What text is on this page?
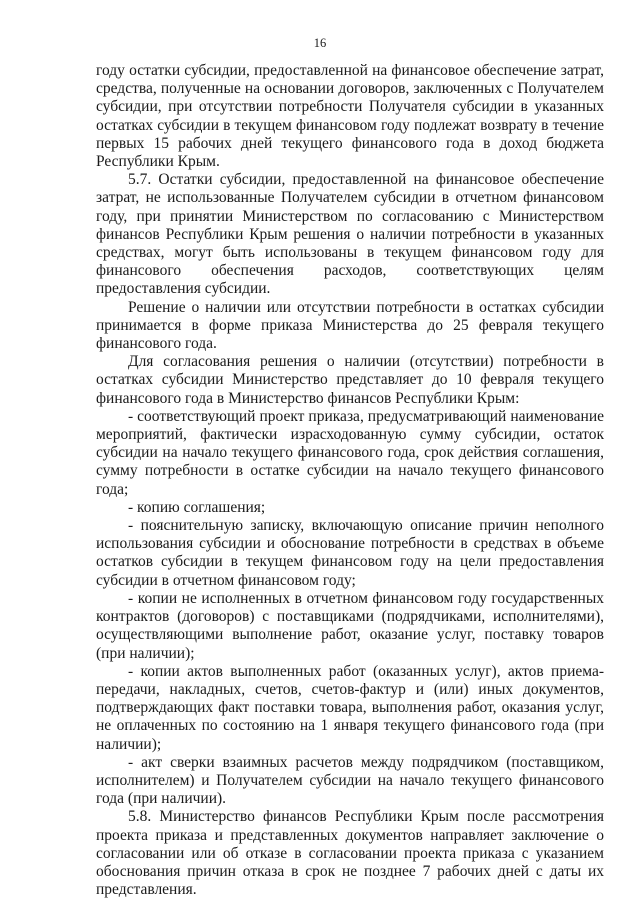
16

году остатки субсидии, предоставленной на финансовое обеспечение затрат, средства, полученные на основании договоров, заключенных с Получателем субсидии, при отсутствии потребности Получателя субсидии в указанных остатках субсидии в текущем финансовом году подлежат возврату в течение первых 15 рабочих дней текущего финансового года в доход бюджета Республики Крым.

5.7. Остатки субсидии, предоставленной на финансовое обеспечение затрат, не использованные Получателем субсидии в отчетном финансовом году, при принятии Министерством по согласованию с Министерством финансов Республики Крым решения о наличии потребности в указанных средствах, могут быть использованы в текущем финансовом году для финансового обеспечения расходов, соответствующих целям предоставления субсидии.

Решение о наличии или отсутствии потребности в остатках субсидии принимается в форме приказа Министерства до 25 февраля текущего финансового года.

Для согласования решения о наличии (отсутствии) потребности в остатках субсидии Министерство представляет до 10 февраля текущего финансового года в Министерство финансов Республики Крым:

- соответствующий проект приказа, предусматривающий наименование мероприятий, фактически израсходованную сумму субсидии, остаток субсидии на начало текущего финансового года, срок действия соглашения, сумму потребности в остатке субсидии на начало текущего финансового года;

- копию соглашения;

- пояснительную записку, включающую описание причин неполного использования субсидии и обоснование потребности в средствах в объеме остатков субсидии в текущем финансовом году на цели предоставления субсидии в отчетном финансовом году;

- копии не исполненных в отчетном финансовом году государственных контрактов (договоров) с поставщиками (подрядчиками, исполнителями), осуществляющими выполнение работ, оказание услуг, поставку товаров (при наличии);

- копии актов выполненных работ (оказанных услуг), актов приема-передачи, накладных, счетов, счетов-фактур и (или) иных документов, подтверждающих факт поставки товара, выполнения работ, оказания услуг, не оплаченных по состоянию на 1 января текущего финансового года (при наличии);

- акт сверки взаимных расчетов между подрядчиком (поставщиком, исполнителем) и Получателем субсидии на начало текущего финансового года (при наличии).

5.8. Министерство финансов Республики Крым после рассмотрения проекта приказа и представленных документов направляет заключение о согласовании или об отказе в согласовании проекта приказа с указанием обоснования причин отказа в срок не позднее 7 рабочих дней с даты их представления.
